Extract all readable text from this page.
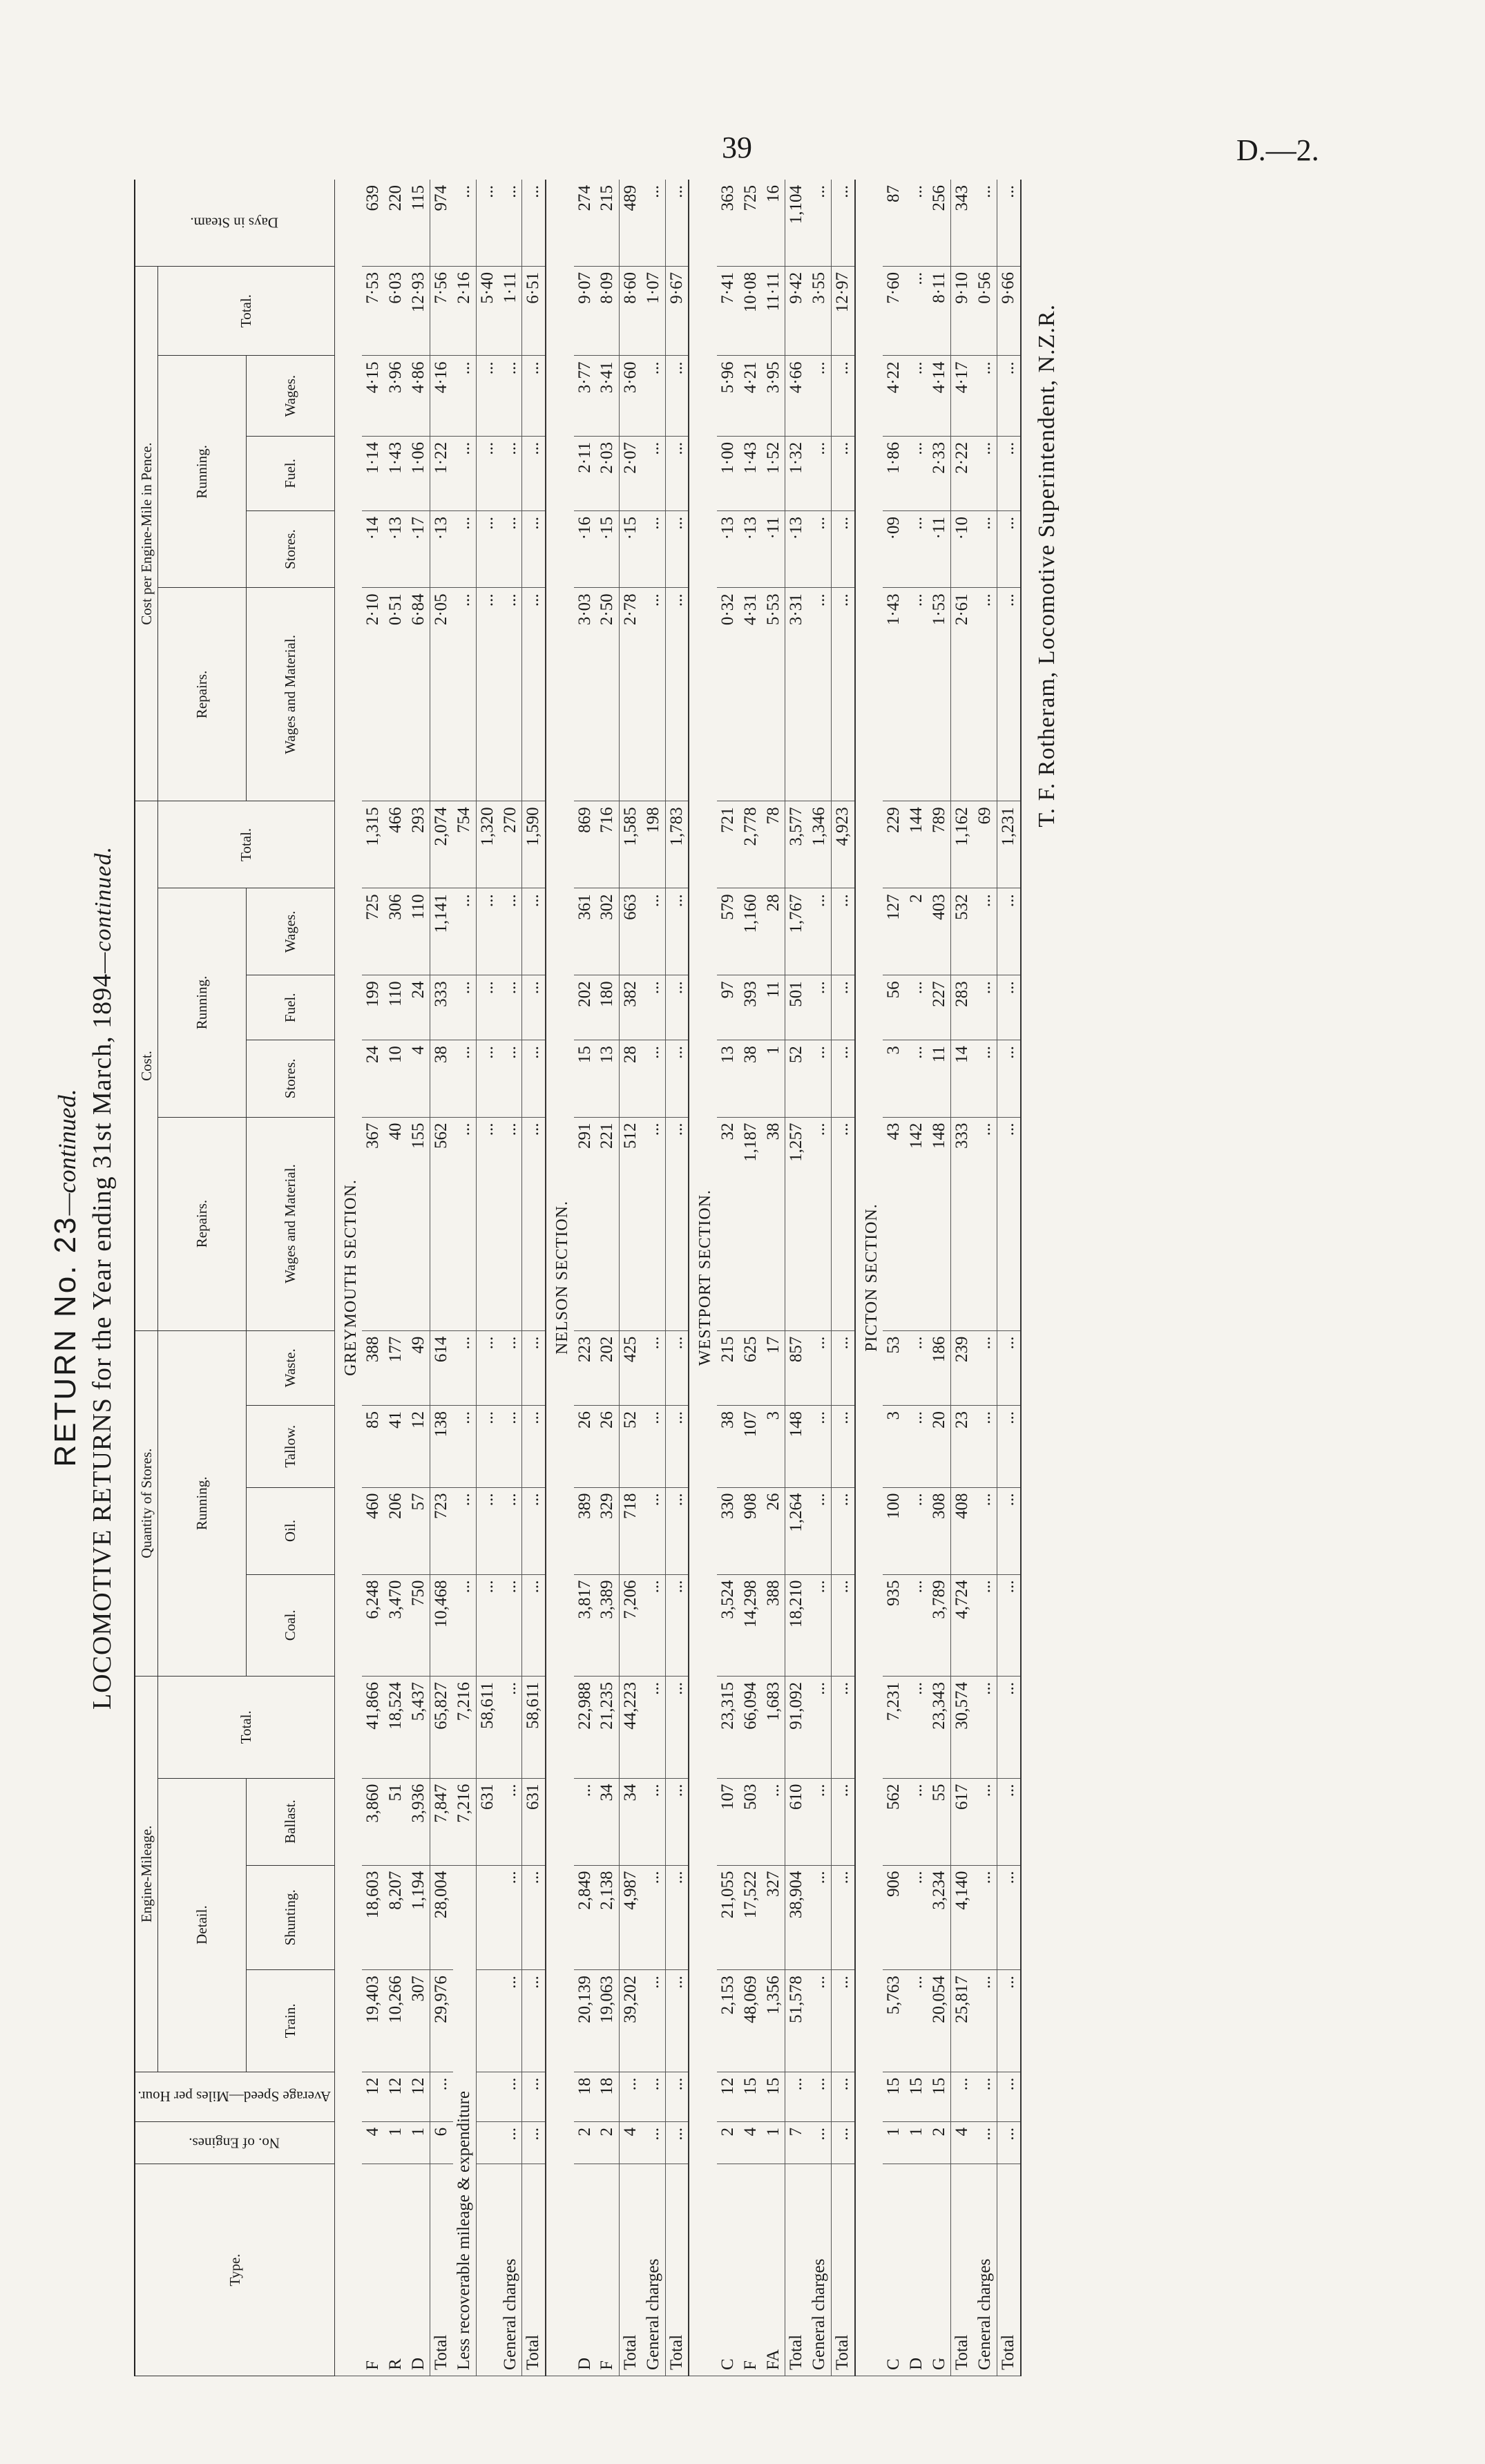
39	D.—2.
RETURN No. 23—continued. LOCOMOTIVE RETURNS for the Year ending 31st March, 1894—continued.
Type.	No. of Engines.	Average Speed—Miles per Hour.	Engine-Mileage.				Quantity of Stores.				Cost.					Cost per Engine-Mile in Pence.					Days in Steam.
			Detail.			Total.	Running.				Repairs.	Running.			Total.	Repairs.	Running.			Total.	
			Train.	Shunting.	Ballast.		Coal.	Oil.	Tallow.	Waste.	Wages and Material.	Stores.	Fuel.	Wages.		Wages and Material.	Stores.	Fuel.	Wages.		

GREYMOUTH SECTION.																					
F	4	12	19,403	18,603	3,860	41,866	6,248	460	85	388	367	24	199	725	1,315	2·10	·14	1·14	4·15	7·53	639
R	1	12	10,266	8,207	51	18,524	3,470	206	41	177	40	10	110	306	466	0·51	·13	1·43	3·96	6·03	220
D	1	12	307	1,194	3,936	5,437	750	57	12	49	155	4	24	110	293	6·84	·17	1·06	4·86	12·93	115
Total	6	...	29,976	28,004	7,847	65,827	10,468	723	138	614	562	38	333	1,141	2,074	2·05	·13	1·22	4·16	7·56	974
Less recoverable mileage & expenditure					7,216	7,216	...	...	...	...	...	...	...	...	754	...	...	...	...	2·16	...
					631	58,611	...	...	...	...	...	...	...	...	1,320	...	...	...	...	5·40	...
General charges	...	...	...	...	...	...	...	...	...	...	...	...	...	...	270	...	...	...	...	1·11	...
Total	...	...	...	...	631	58,611	...	...	...	...	...	...	...	...	1,590	...	...	...	...	6·51	...
NELSON SECTION.																					
D	2	18	20,139	2,849	...	22,988	3,817	389	26	223	291	15	202	361	869	3·03	·16	2·11	3·77	9·07	274
F	2	18	19,063	2,138	34	21,235	3,389	329	26	202	221	13	180	302	716	2·50	·15	2·03	3·41	8·09	215
Total	4	...	39,202	4,987	34	44,223	7,206	718	52	425	512	28	382	663	1,585	2·78	·15	2·07	3·60	8·60	489
General charges	...	...	...	...	...	...	...	...	...	...	...	...	...	...	198	...	...	...	...	1·07	...
Total	...	...	...	...	...	...	...	...	...	...	...	...	...	...	1,783	...	...	...	...	9·67	...
WESTPORT SECTION.																					
C	2	12	2,153	21,055	107	23,315	3,524	330	38	215	32	13	97	579	721	0·32	·13	1·00	5·96	7·41	363
F	4	15	48,069	17,522	503	66,094	14,298	908	107	625	1,187	38	393	1,160	2,778	4·31	·13	1·43	4·21	10·08	725
FA	1	15	1,356	327	...	1,683	388	26	3	17	38	1	11	28	78	5·53	·11	1·52	3·95	11·11	16
Total	7	...	51,578	38,904	610	91,092	18,210	1,264	148	857	1,257	52	501	1,767	3,577	3·31	·13	1·32	4·66	9·42	1,104
General charges	...	...	...	...	...	...	...	...	...	...	...	...	...	...	1,346	...	...	...	...	3·55	...
Total	...	...	...	...	...	...	...	...	...	...	...	...	...	...	4,923	...	...	...	...	12·97	...
PICTON SECTION.																					
C	1	15	5,763	906	562	7,231	935	100	3	53	43	3	56	127	229	1·43	·09	1·86	4·22	7·60	87
D	1	15	...	...	...	...	...	...	...	...	142	...	...	2	144	...	...	...	...	...	...
G	2	15	20,054	3,234	55	23,343	3,789	308	20	186	148	11	227	403	789	1·53	·11	2·33	4·14	8·11	256
Total	4	...	25,817	4,140	617	30,574	4,724	408	23	239	333	14	283	532	1,162	2·61	·10	2·22	4·17	9·10	343
General charges	...	...	...	...	...	...	...	...	...	...	...	...	...	...	69	...	...	...	...	0·56	...
Total	...	...	...	...	...	...	...	...	...	...	...	...	...	...	1,231	...	...	...	...	9·66	...
T. F. Rotheram, Locomotive Superintendent, N.Z.R.
